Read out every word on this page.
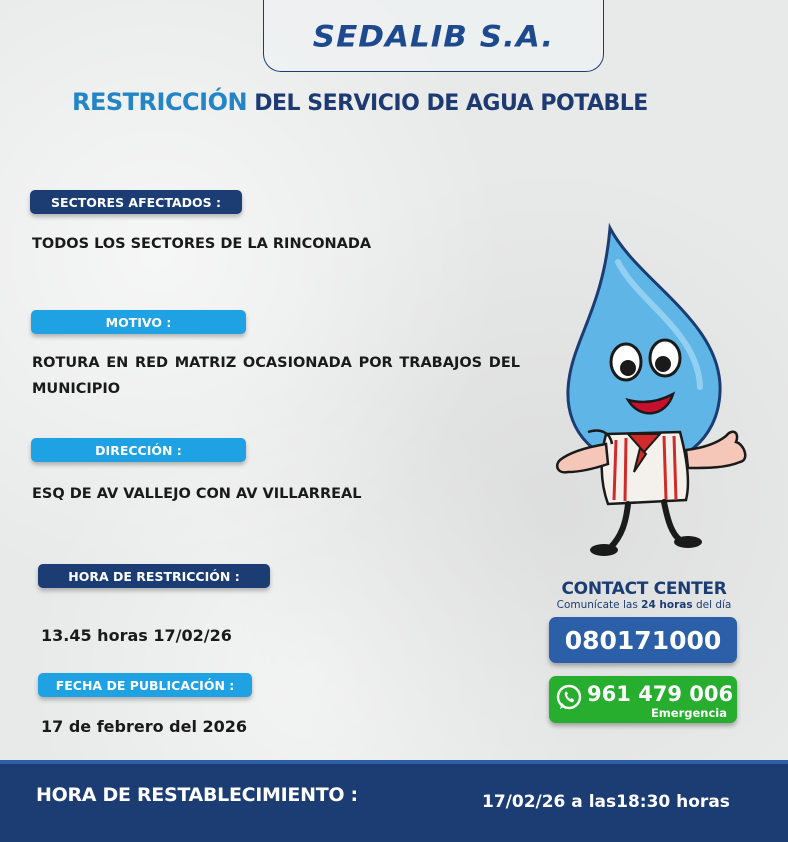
SEDALIB S.A.
RESTRICCIÓN DEL SERVICIO DE AGUA POTABLE
SECTORES AFECTADOS :
TODOS LOS SECTORES DE LA RINCONADA
MOTIVO :
ROTURA EN RED MATRIZ OCASIONADA POR TRABAJOS DEL MUNICIPIO
DIRECCIÓN :
ESQ DE AV VALLEJO CON AV VILLARREAL
HORA DE RESTRICCIÓN :
13.45 horas 17/02/26
FECHA DE PUBLICACIÓN :
17 de febrero del 2026
CONTACT CENTER
Comunícate las 24 horas del día
080171000
961 479 006
Emergencia
HORA DE RESTABLECIMIENTO :	17/02/26 a las18:30 horas
